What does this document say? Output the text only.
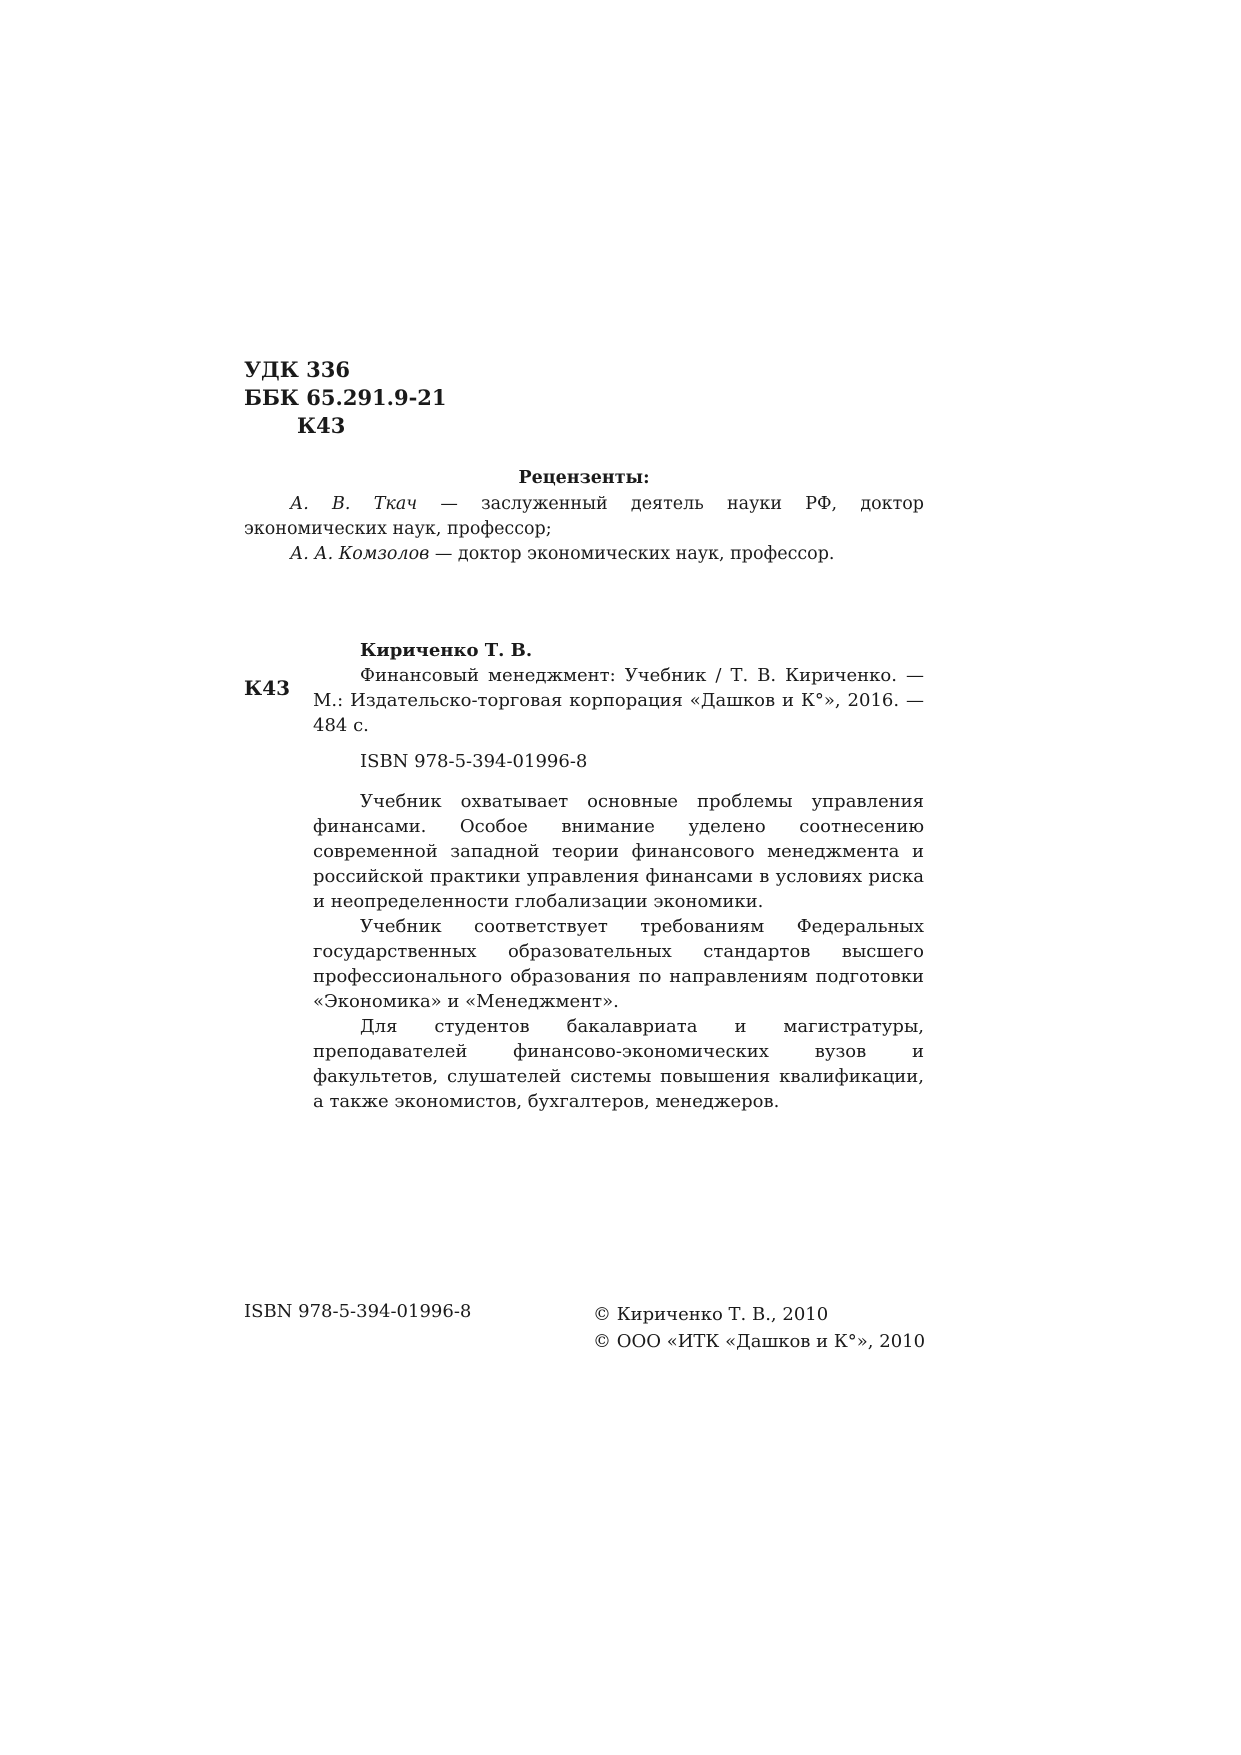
УДК 336
ББК 65.291.9-21
К43
Рецензенты:
А. В. Ткач — заслуженный деятель науки РФ, доктор экономических наук, профессор;
А. А. Комзолов — доктор экономических наук, профессор.
К43
Кириченко Т. В.
Финансовый менеджмент: Учебник / Т. В. Кириченко. — М.: Издательско-торговая корпорация «Дашков и К°», 2016. — 484 с.
ISBN 978-5-394-01996-8
Учебник охватывает основные проблемы управления финансами. Особое внимание уделено соотнесению современной западной теории финансового менеджмента и российской практики управления финансами в условиях риска и неопределенности глобализации экономики.
Учебник соответствует требованиям Федеральных государственных образовательных стандартов высшего профессионального образования по направлениям подготовки «Экономика» и «Менеджмент».
Для студентов бакалавриата и магистратуры, преподавателей финансово-экономических вузов и факультетов, слушателей системы повышения квалификации, а также экономистов, бухгалтеров, менеджеров.
ISBN 978-5-394-01996-8	© Кириченко Т. В., 2010
© ООО «ИТК «Дашков и К°», 2010
